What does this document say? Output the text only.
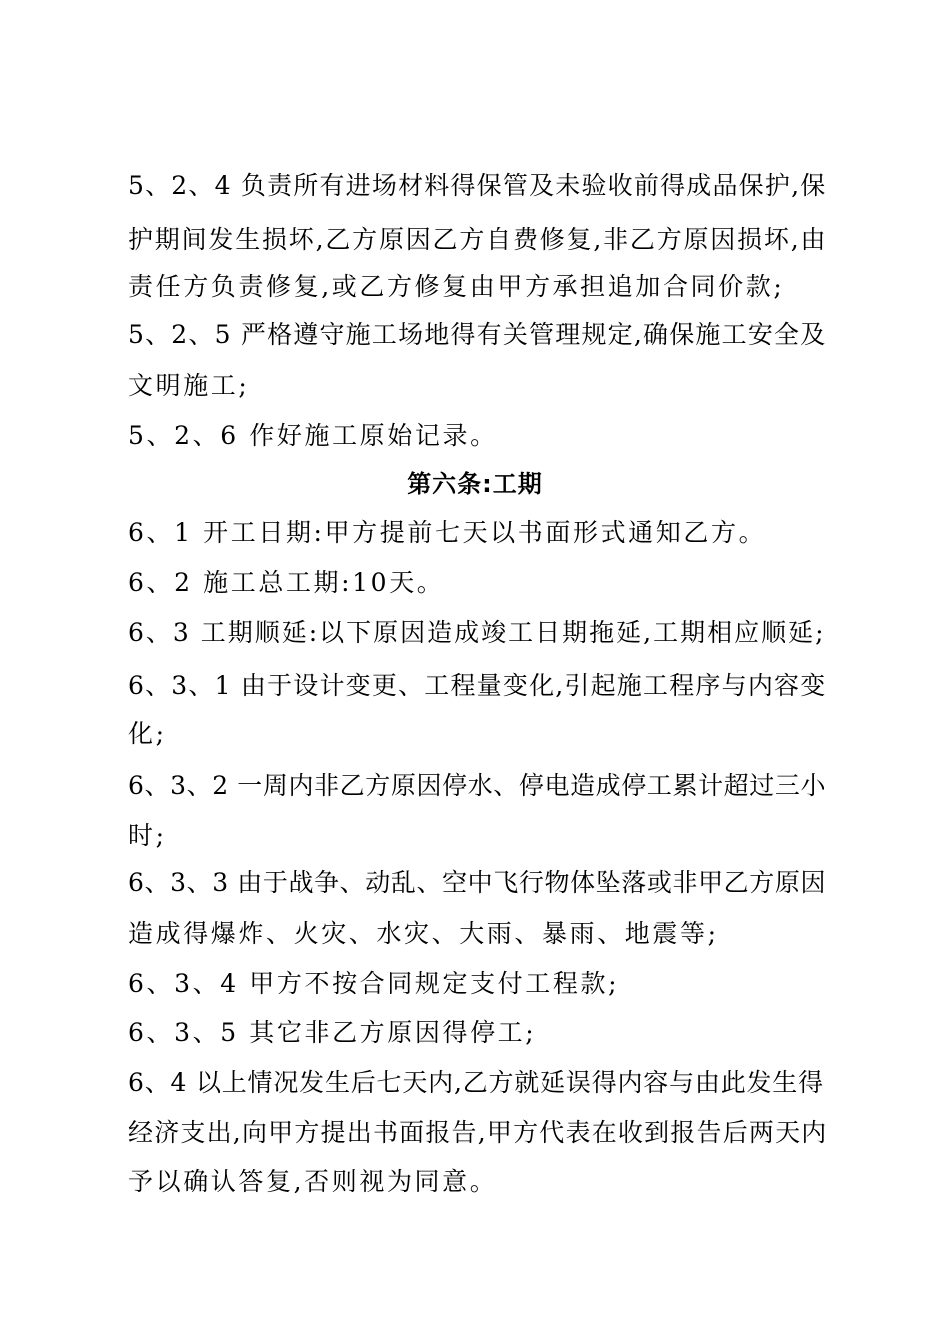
5、2、4 负责所有进场材料得保管及未验收前得成品保护,保
护期间发生损坏,乙方原因乙方自费修复,非乙方原因损坏,由
责任方负责修复,或乙方修复由甲方承担追加合同价款;
5、2、5 严格遵守施工场地得有关管理规定,确保施工安全及
文明施工;
5、2、6 作好施工原始记录。
第六条:工期
6、1 开工日期:甲方提前七天以书面形式通知乙方。
6、2 施工总工期:10天。
6、3 工期顺延:以下原因造成竣工日期拖延,工期相应顺延;
6、3、1 由于设计变更、工程量变化,引起施工程序与内容变
化;
6、3、2 一周内非乙方原因停水、停电造成停工累计超过三小
时;
6、3、3 由于战争、动乱、空中飞行物体坠落或非甲乙方原因
造成得爆炸、火灾、水灾、大雨、暴雨、地震等;
6、3、4 甲方不按合同规定支付工程款;
6、3、5 其它非乙方原因得停工;
6、4 以上情况发生后七天内,乙方就延误得内容与由此发生得
经济支出,向甲方提出书面报告,甲方代表在收到报告后两天内
予以确认答复,否则视为同意。
